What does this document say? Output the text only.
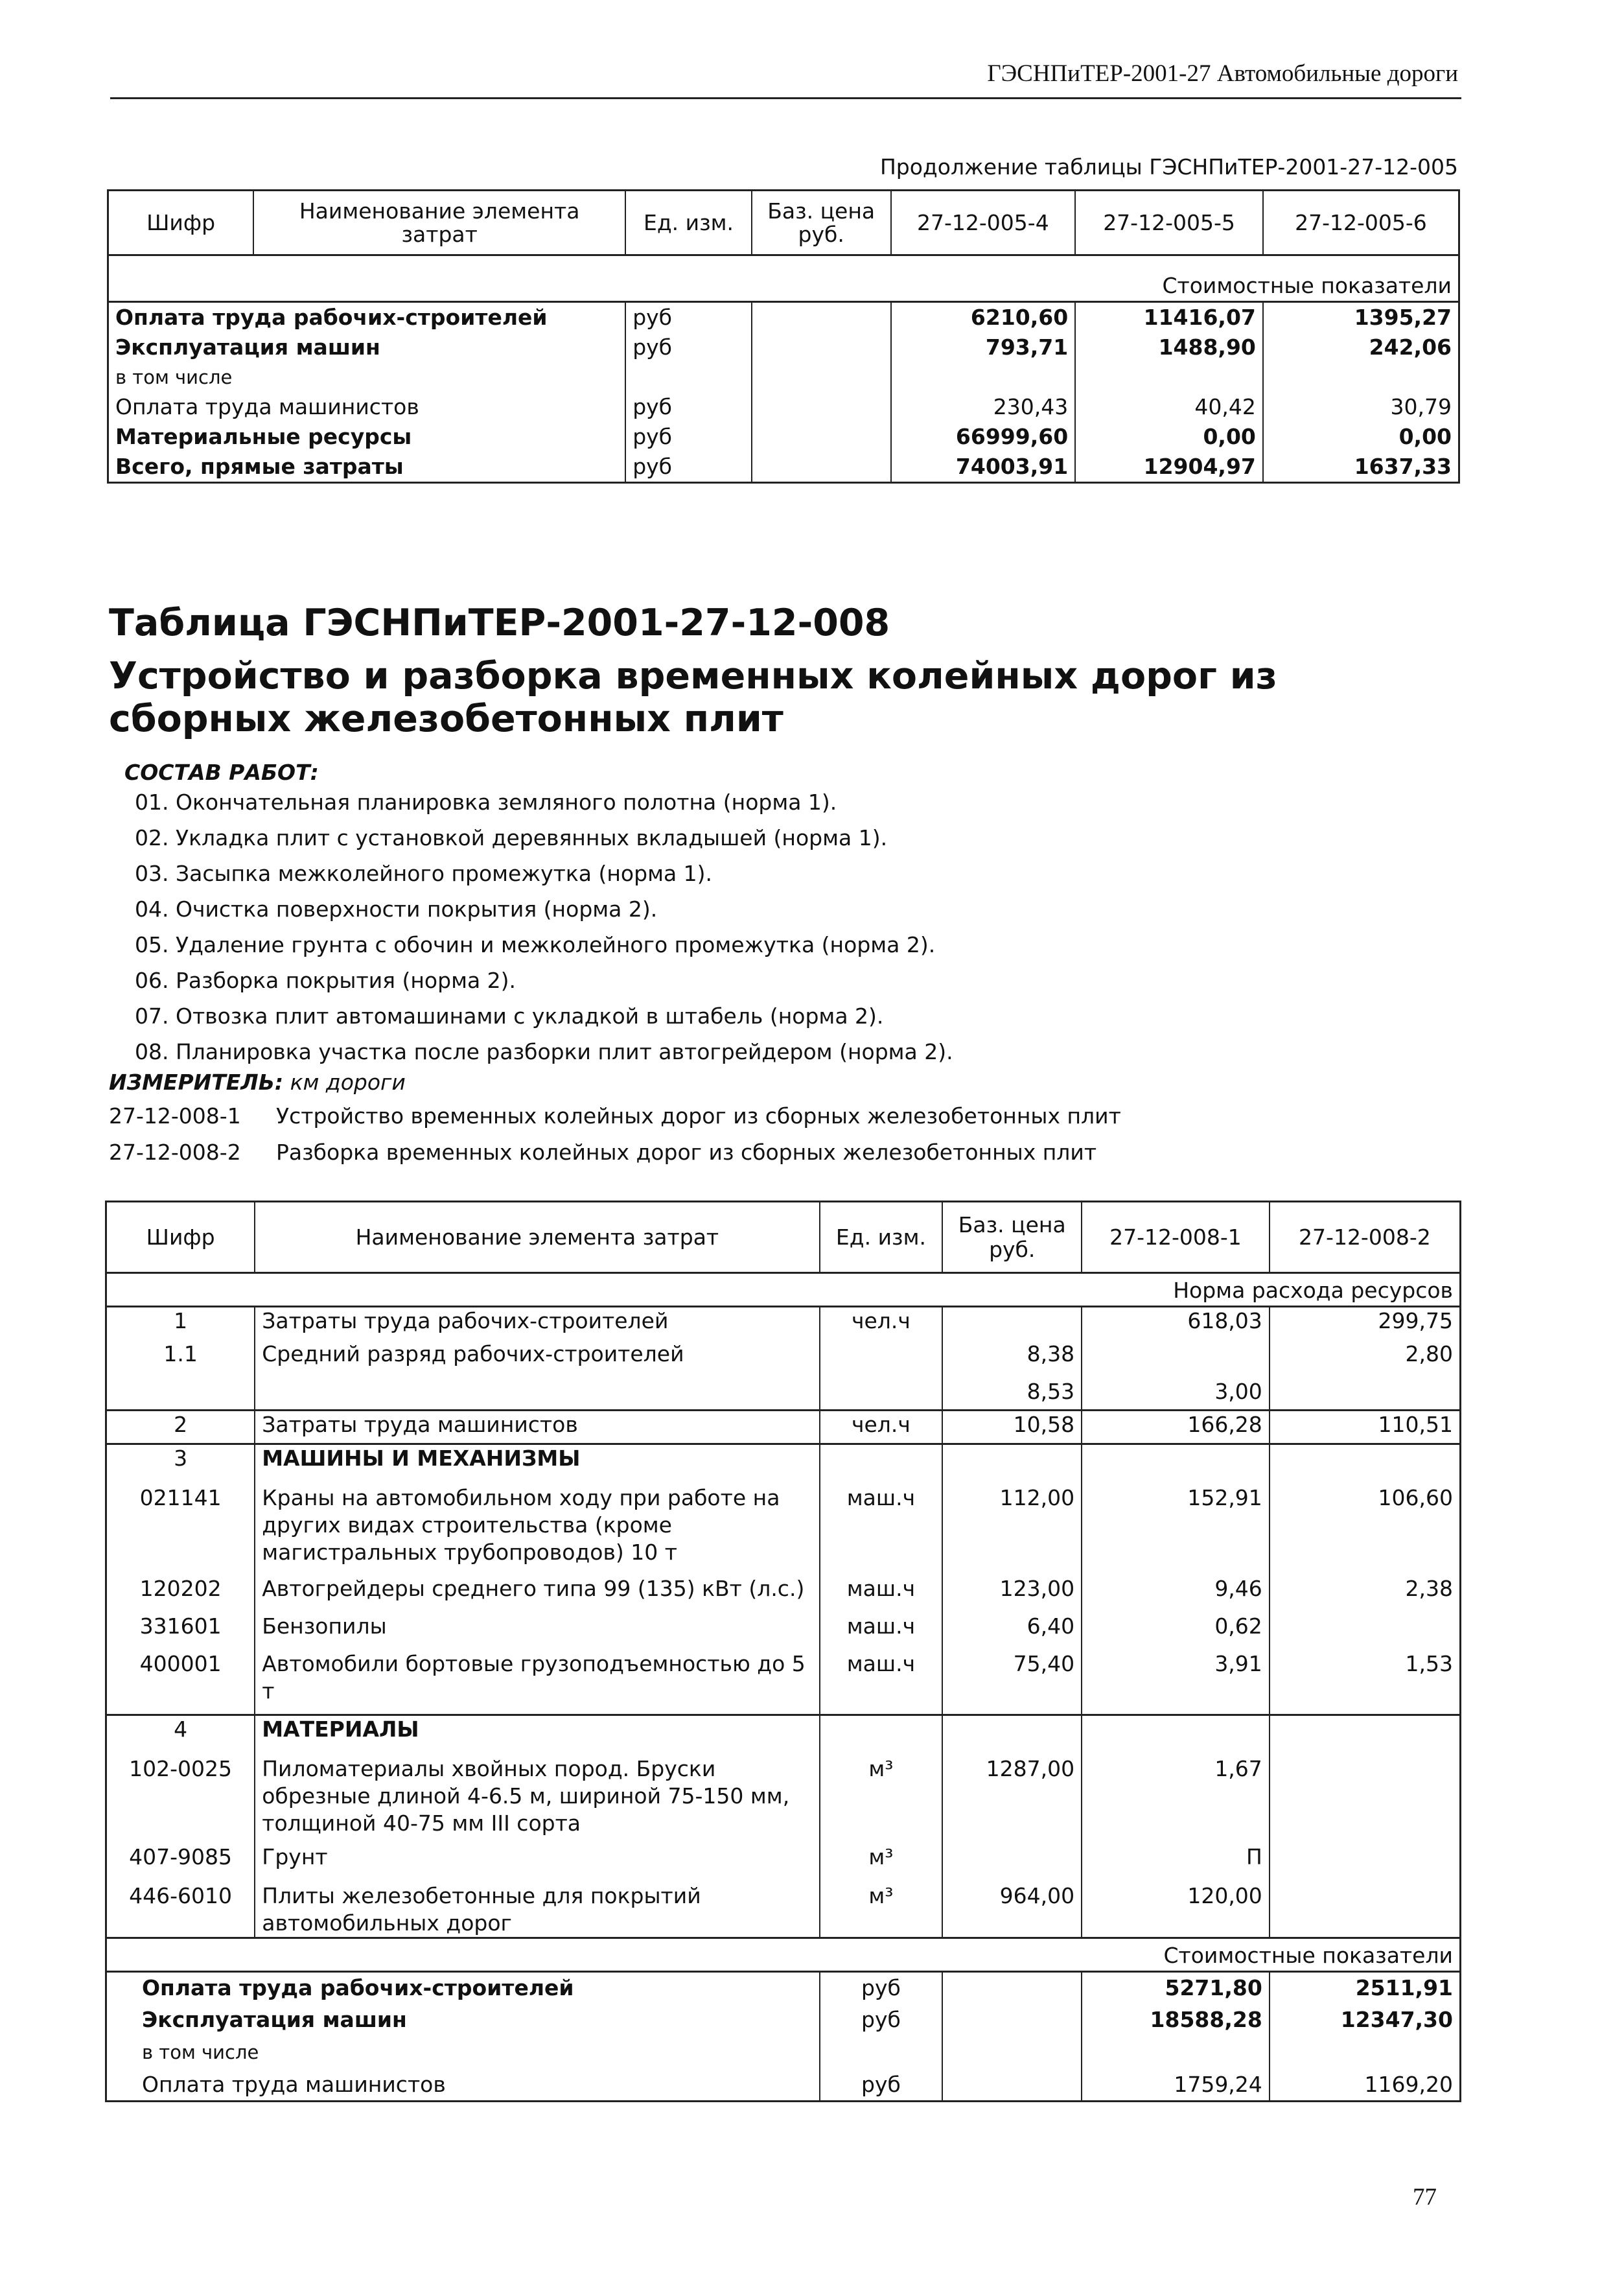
ГЭСНПиТЕР-2001-27 Автомобильные дороги
Продолжение таблицы ГЭСНПиТЕР-2001-27-12-005
Шифр	Наименование элемента затрат	Ед. изм.	Баз. цена руб.	27-12-005-4	27-12-005-5	27-12-005-6

Стоимостные показатели						
Оплата труда рабочих-строителей		руб		6210,60	11416,07	1395,27
Эксплуатация машин		руб		793,71	1488,90	242,06
в том числе						
Оплата труда машинистов		руб		230,43	40,42	30,79
Материальные ресурсы		руб		66999,60	0,00	0,00
Всего, прямые затраты		руб		74003,91	12904,97	1637,33
Таблица ГЭСНПиТЕР-2001-27-12-008
Устройство и разборка временных колейных дорог из сборных железобетонных плит
СОСТАВ РАБОТ:
01. Окончательная планировка земляного полотна (норма 1).
02. Укладка плит с установкой деревянных вкладышей (норма 1).
03. Засыпка межколейного промежутка (норма 1).
04. Очистка поверхности покрытия (норма 2).
05. Удаление грунта с обочин и межколейного промежутка (норма 2).
06. Разборка покрытия (норма 2).
07. Отвозка плит автомашинами с укладкой в штабель (норма 2).
08. Планировка участка после разборки плит автогрейдером (норма 2).
ИЗМЕРИТЕЛЬ: км дороги
27-12-008-1 Устройство временных колейных дорог из сборных железобетонных плит
27-12-008-2 Разборка временных колейных дорог из сборных железобетонных плит
Шифр	Наименование элемента затрат	Ед. изм.	Баз. цена руб.	27-12-008-1	27-12-008-2
Норма расхода ресурсов					
1	Затраты труда рабочих-строителей	чел.ч		618,03	299,75
1.1	Средний разряд рабочих-строителей		8,38		2,80
			8,53	3,00	
2	Затраты труда машинистов	чел.ч	10,58	166,28	110,51
3	МАШИНЫ И МЕХАНИЗМЫ				
021141	Краны на автомобильном ходу при работе на других видах строительства (кроме магистральных трубопроводов) 10 т	маш.ч	112,00	152,91	106,60
120202	Автогрейдеры среднего типа 99 (135) кВт (л.с.)	маш.ч	123,00	9,46	2,38
331601	Бензопилы	маш.ч	6,40	0,62	
400001	Автомобили бортовые грузоподъемностью до 5 т	маш.ч	75,40	3,91	1,53
4	МАТЕРИАЛЫ				
102-0025	Пиломатериалы хвойных пород. Бруски обрезные длиной 4-6.5 м, шириной 75-150 мм, толщиной 40-75 мм III сорта	м³	1287,00	1,67	
407-9085	Грунт	м³		П	
446-6010	Плиты железобетонные для покрытий автомобильных дорог	м³	964,00	120,00	
Стоимостные показатели					
Оплата труда рабочих-строителей		руб		5271,80	2511,91
Эксплуатация машин		руб		18588,28	12347,30
в том числе					
Оплата труда машинистов		руб		1759,24	1169,20
77
